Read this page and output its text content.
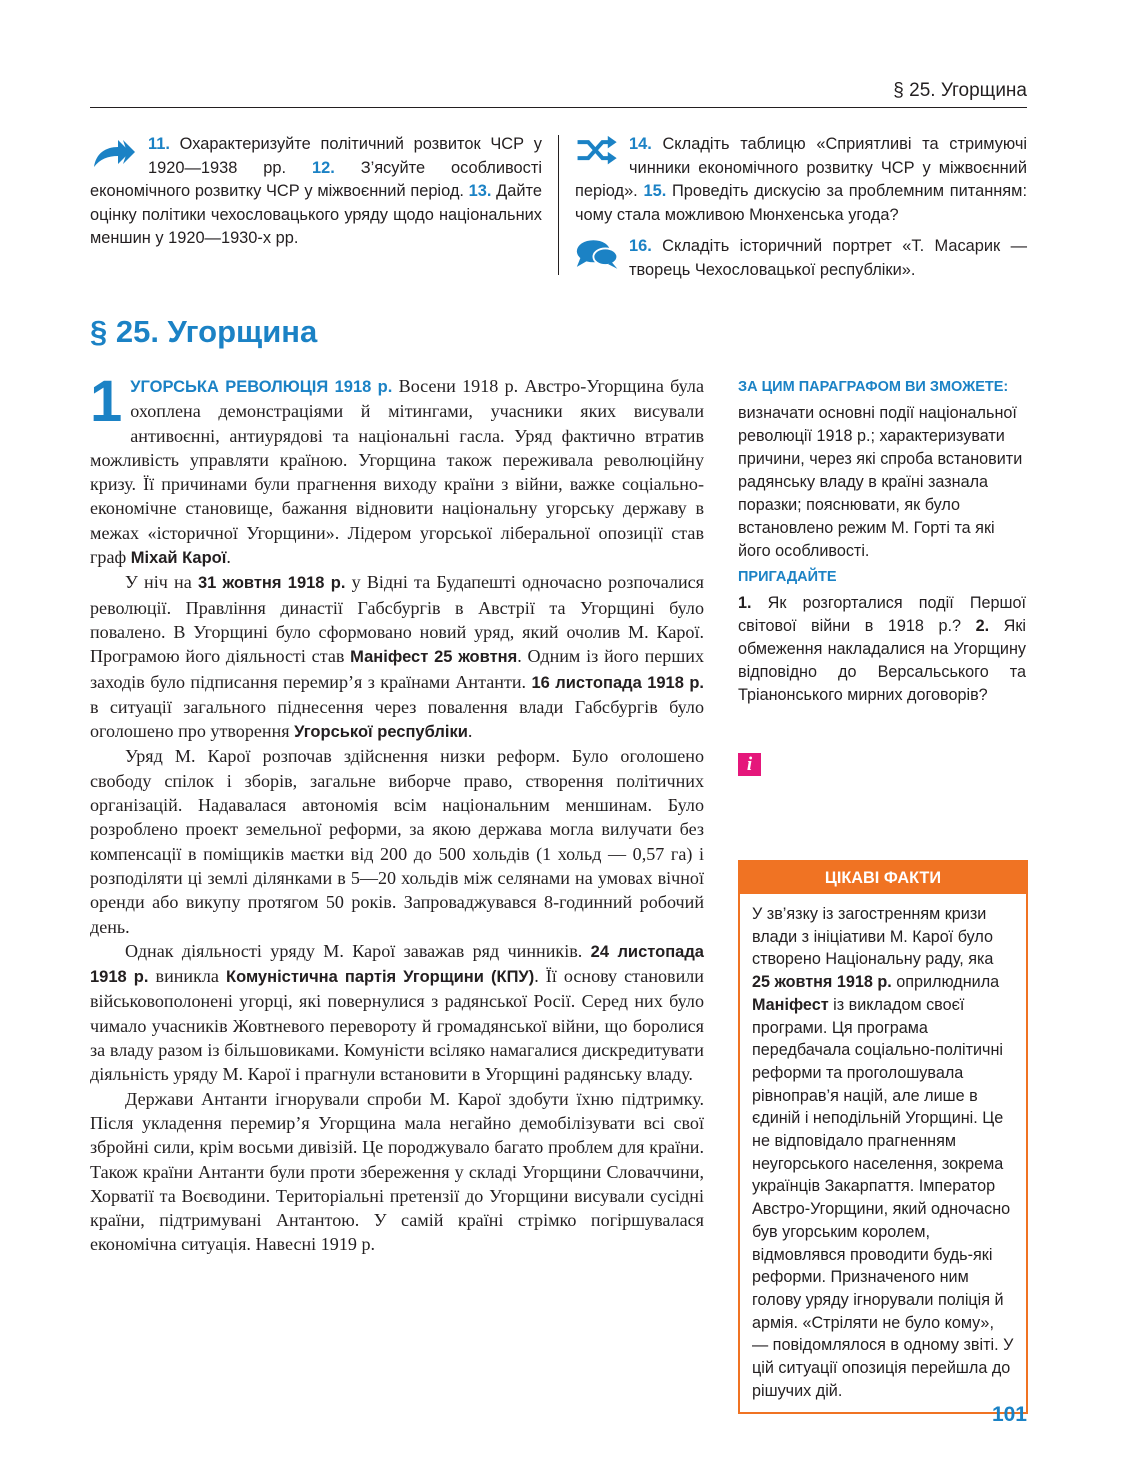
§ 25. Угорщина
11. Охарактеризуйте політичний розвиток ЧСР у 1920—1938 рр. 12. З’ясуйте особливості економічного розвитку ЧСР у міжвоєнний період. 13. Дайте оцінку політики чехословацького уряду щодо національних меншин у 1920—1930-х рр.
14. Складіть таблицю «Сприятливі та стримуючі чинники економічного розвитку ЧСР у міжвоєнний період». 15. Проведіть дискусію за проблемним питанням: чому стала можливою Мюнхенська угода?
16. Складіть історичний портрет «Т. Масарик — творець Чехословацької республіки».
§ 25. Угорщина

1 УГОРСЬКА РЕВОЛЮЦІЯ 1918 р. Восени 1918 р. Австро-Угорщина була охоплена демонстраціями й мітингами, учасники яких висували антивоєнні, антиурядові та національні гасла. Уряд фактично втратив можливість управляти країною. Угорщина також переживала революційну кризу. Її причинами були прагнення виходу країни з війни, важке соціально-економічне становище, бажання відновити національну угорську державу в межах «історичної Угорщини». Лідером угорської ліберальної опозиції став граф Міхай Карої.

У ніч на 31 жовтня 1918 р. у Відні та Будапешті одночасно розпочалися революції. Правління династії Габсбургів в Австрії та Угорщині було повалено. В Угорщині було сформовано новий уряд, який очолив М. Карої. Програмою його діяльності став Маніфест 25 жовтня. Одним із його перших заходів було підписання перемир’я з країнами Антанти. 16 листопада 1918 р. в ситуації загального піднесення через повалення влади Габсбургів було оголошено про утворення Угорської республіки.

Уряд М. Карої розпочав здійснення низки реформ. Було оголошено свободу спілок і зборів, загальне виборче право, створення політичних організацій. Надавалася автономія всім національним меншинам. Було розроблено проект земельної реформи, за якою держава могла вилучати без компенсації в поміщиків маєтки від 200 до 500 хольдів (1 хольд — 0,57 га) і розподіляти ці землі ділянками в 5—20 хольдів між селянами на умовах вічної оренди або викупу протягом 50 років. Запроваджувався 8-годинний робочий день.

Однак діяльності уряду М. Карої заважав ряд чинників. 24 листопада 1918 р. виникла Комуністична партія Угорщини (КПУ). Її основу становили військовополонені угорці, які повернулися з радянської Росії. Серед них було чимало учасників Жовтневого перевороту й громадянської війни, що боролися за владу разом із більшовиками. Комуністи всіляко намагалися дискредитувати діяльність уряду М. Карої і прагнули встановити в Угорщині радянську владу.

Держави Антанти ігнорували спроби М. Карої здобути їхню підтримку. Після укладення перемир’я Угорщина мала негайно демобілізувати всі свої збройні сили, крім восьми дивізій. Це породжувало багато проблем для країни. Також країни Антанти були проти збереження у складі Угорщини Словаччини, Хорватії та Воєводини. Територіальні претензії до Угорщини висували сусідні країни, підтримувані Антантою. У самій країні стрімко погіршувалася економічна ситуація. Навесні 1919 р.

ЗА ЦИМ ПАРАГРАФОМ ВИ ЗМОЖЕТЕ:
визначати основні події національної революції 1918 р.; характеризувати причини, через які спроба встановити радянську владу в країні зазнала поразки; пояснювати, як було встановлено режим М. Горті та які його особливості.
ПРИГАДАЙТЕ
1. Як розгорталися події Першої світової війни в 1918 р.? 2. Які обмеження накладалися на Угорщину відповідно до Версальського та Тріанонського мирних договорів?
i
ЦІКАВІ ФАКТИ
У зв’язку із загостренням кризи влади з ініціативи М. Карої було створено Національну раду, яка 25 жовтня 1918 р. оприлюднила Маніфест із викладом своєї програми. Ця програма передбачала соціально-політичні реформи та проголошувала рівноправ’я націй, але лише в єдиній і неподільній Угорщині. Це не відповідало прагненням неугорського населення, зокрема українців Закарпаття. Імператор Австро-Угорщини, який одночасно був угорським королем, відмовлявся проводити будь-які реформи. Призначеного ним голову уряду ігнорували поліція й армія. «Стріляти не було кому», — повідомлялося в одному звіті. У цій ситуації опозиція перейшла до рішучих дій.
101
